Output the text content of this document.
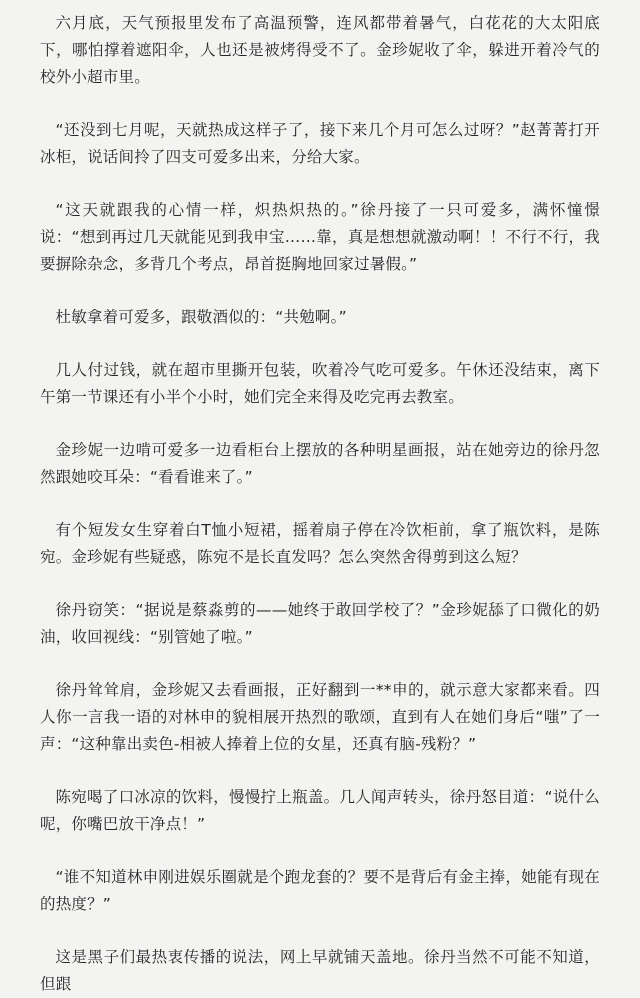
六月底，天气预报里发布了高温预警，连风都带着暑气，白花花的大太阳底下，哪怕撑着遮阳伞，人也还是被烤得受不了。金珍妮收了伞，躲进开着冷气的校外小超市里。

“还没到七月呢，天就热成这样子了，接下来几个月可怎么过呀？”赵菁菁打开冰柜，说话间拎了四支可爱多出来，分给大家。

“这天就跟我的心情一样，炽热炽热的。”徐丹接了一只可爱多，满怀憧憬说：“想到再过几天就能见到我申宝……靠，真是想想就激动啊！！不行不行，我要摒除杂念，多背几个考点，昂首挺胸地回家过暑假。”

杜敏拿着可爱多，跟敬酒似的：“共勉啊。”

几人付过钱，就在超市里撕开包装，吹着冷气吃可爱多。午休还没结束，离下午第一节课还有小半个小时，她们完全来得及吃完再去教室。

金珍妮一边啃可爱多一边看柜台上摆放的各种明星画报，站在她旁边的徐丹忽然跟她咬耳朵：“看看谁来了。”

有个短发女生穿着白T恤小短裙，摇着扇子停在冷饮柜前，拿了瓶饮料，是陈宛。金珍妮有些疑惑，陈宛不是长直发吗？怎么突然舍得剪到这么短？

徐丹窃笑：“据说是蔡淼剪的——她终于敢回学校了？”金珍妮舔了口微化的奶油，收回视线：“别管她了啦。”

徐丹耸耸肩，金珍妮又去看画报，正好翻到一**申的，就示意大家都来看。四人你一言我一语的对林申的貌相展开热烈的歌颂，直到有人在她们身后“嗤”了一声：“这种靠出卖色-相被人捧着上位的女星，还真有脑-残粉？”

陈宛喝了口冰凉的饮料，慢慢拧上瓶盖。几人闻声转头，徐丹怒目道：“说什么呢，你嘴巴放干净点！”

“谁不知道林申刚进娱乐圈就是个跑龙套的？要不是背后有金主捧，她能有现在的热度？”

这是黑子们最热衷传播的说法，网上早就铺天盖地。徐丹当然不可能不知道，但跟
